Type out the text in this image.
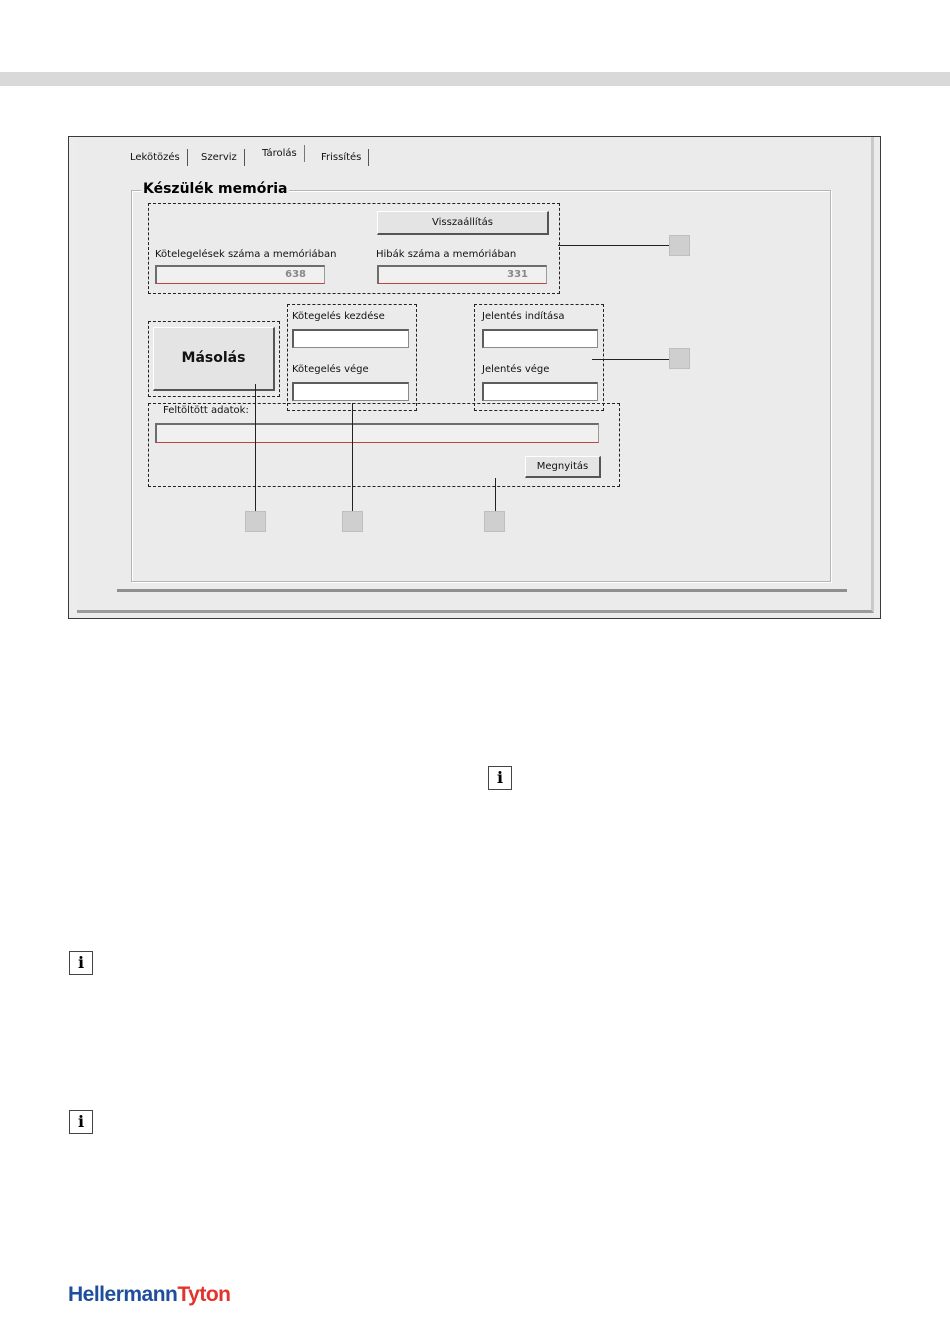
Lekötözés	Szerviz	Tárolás	Frissítés
Készülék memória
Visszaállítás
Kötelegelések száma a memóriában
638
Hibák száma a memóriában
331
Másolás
Kötegelés kezdése
Kötegelés vége
Jelentés indítása
Jelentés vége
Feltöltött adatok:
Megnyitás
i
i
i
HellermannTyton
